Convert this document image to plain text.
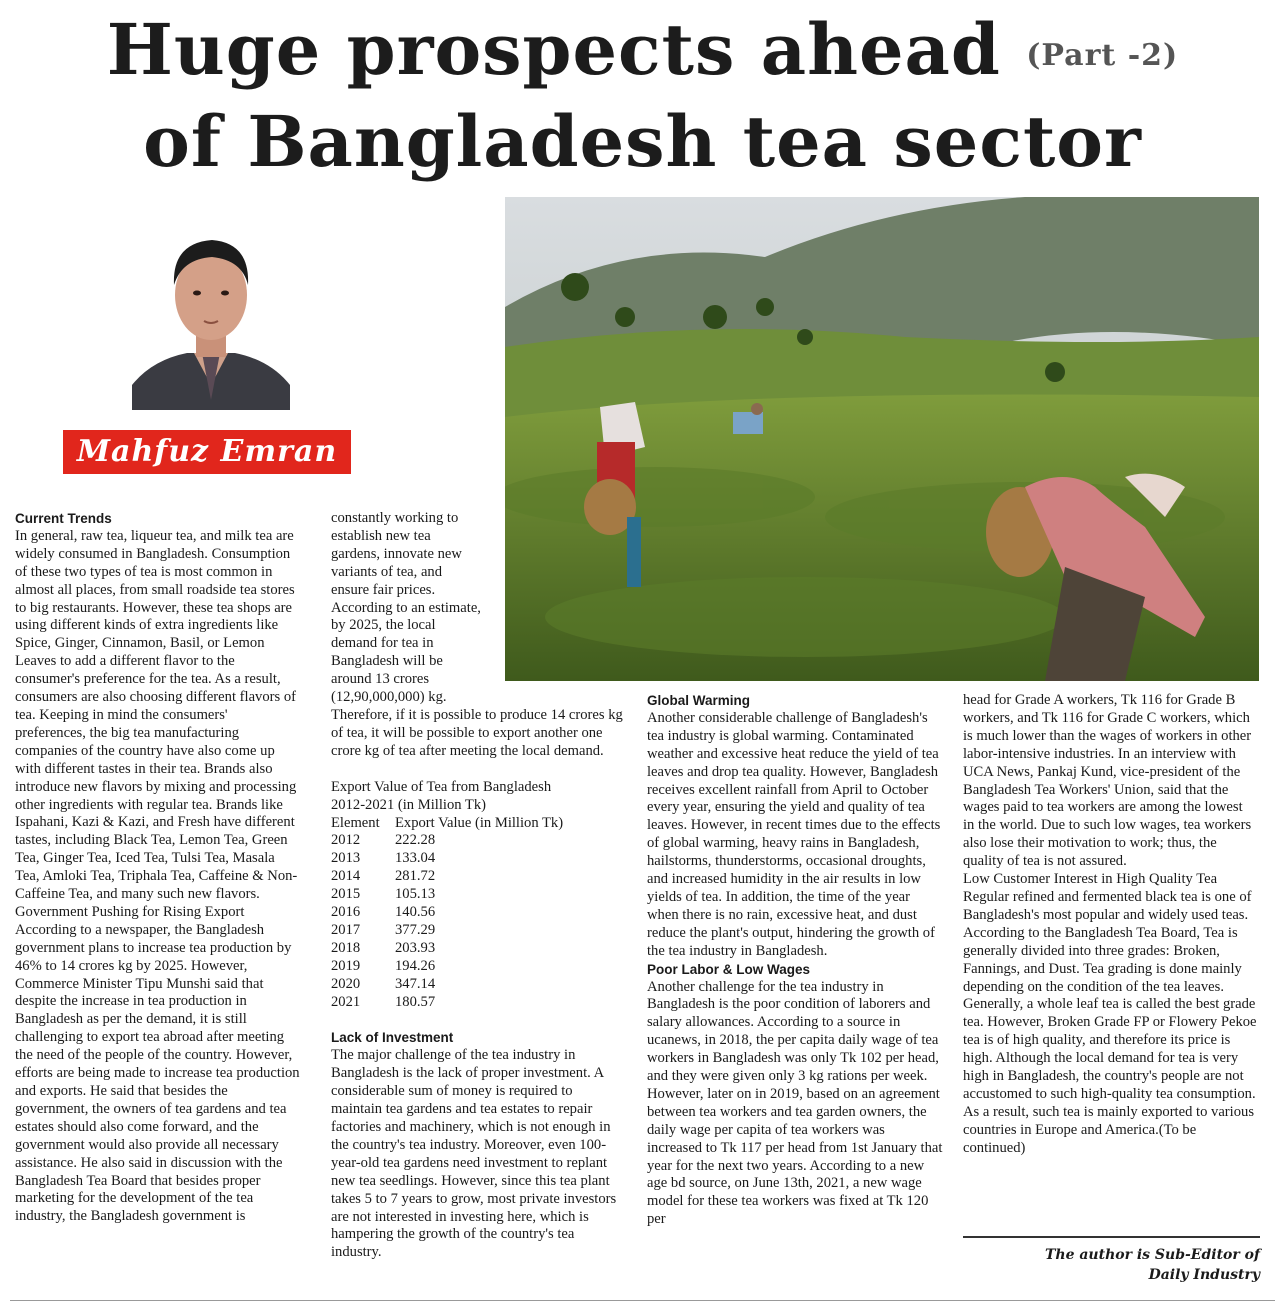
Huge prospects ahead (Part -2)
of Bangladesh tea sector
Mahfuz Emran

Current Trends

In general, raw tea, liqueur tea, and milk tea are widely consumed in Bangladesh. Consumption of these two types of tea is most common in almost all places, from small roadside tea stores to big restaurants. However, these tea shops are using different kinds of extra ingredients like Spice, Ginger, Cinnamon, Basil, or Lemon Leaves to add a different flavor to the consumer's preference for the tea. As a result, consumers are also choosing different flavors of tea. Keeping in mind the consumers' preferences, the big tea manufacturing companies of the country have also come up with different tastes in their tea. Brands also introduce new flavors by mixing and processing other ingredients with regular tea. Brands like Ispahani, Kazi & Kazi, and Fresh have different tastes, including Black Tea, Lemon Tea, Green Tea, Ginger Tea, Iced Tea, Tulsi Tea, Masala Tea, Amloki Tea, Triphala Tea, Caffeine & Non-Caffeine Tea, and many such new flavors.

Government Pushing for Rising Export

According to a newspaper, the Bangladesh government plans to increase tea production by 46% to 14 crores kg by 2025. However, Commerce Minister Tipu Munshi said that despite the increase in tea production in Bangladesh as per the demand, it is still challenging to export tea abroad after meeting the need of the people of the country. However, efforts are being made to increase tea production and exports. He said that besides the government, the owners of tea gardens and tea estates should also come forward, and the government would also provide all necessary assistance. He also said in discussion with the Bangladesh Tea Board that besides proper marketing for the development of the tea industry, the Bangladesh government is

constantly working to establish new tea gardens, innovate new variants of tea, and ensure fair prices. According to an estimate, by 2025, the local demand for tea in Bangladesh will be around 13 crores (12,90,000,000) kg.

Therefore, if it is possible to produce 14 crores kg of tea, it will be possible to export another one crore kg of tea after meeting the local demand.

Export Value of Tea from Bangladesh

2012-2021 (in Million Tk)

Element	Export Value (in Million Tk)
2012	222.28
2013	133.04
2014	281.72
2015	105.13
2016	140.56
2017	377.29
2018	203.93
2019	194.26
2020	347.14
2021	180.57

Lack of Investment

The major challenge of the tea industry in Bangladesh is the lack of proper investment. A considerable sum of money is required to maintain tea gardens and tea estates to repair factories and machinery, which is not enough in the country's tea industry. Moreover, even 100-year-old tea gardens need investment to replant new tea seedlings. However, since this tea plant takes 5 to 7 years to grow, most private investors are not interested in investing here, which is hampering the growth of the country's tea industry.

Global Warming

Another considerable challenge of Bangladesh's tea industry is global warming. Contaminated weather and excessive heat reduce the yield of tea leaves and drop tea quality. However, Bangladesh receives excellent rainfall from April to October every year, ensuring the yield and quality of tea leaves. However, in recent times due to the effects of global warming, heavy rains in Bangladesh, hailstorms, thunderstorms, occasional droughts, and increased humidity in the air results in low yields of tea. In addition, the time of the year when there is no rain, excessive heat, and dust reduce the plant's output, hindering the growth of the tea industry in Bangladesh.

Poor Labor & Low Wages

Another challenge for the tea industry in Bangladesh is the poor condition of laborers and salary allowances. According to a source in ucanews, in 2018, the per capita daily wage of tea workers in Bangladesh was only Tk 102 per head, and they were given only 3 kg rations per week. However, later on in 2019, based on an agreement between tea workers and tea garden owners, the daily wage per capita of tea workers was increased to Tk 117 per head from 1st January that year for the next two years. According to a new age bd source, on June 13th, 2021, a new wage model for these tea workers was fixed at Tk 120 per

head for Grade A workers, Tk 116 for Grade B workers, and Tk 116 for Grade C workers, which is much lower than the wages of workers in other labor-intensive industries. In an interview with UCA News, Pankaj Kund, vice-president of the Bangladesh Tea Workers' Union, said that the wages paid to tea workers are among the lowest in the world. Due to such low wages, tea workers also lose their motivation to work; thus, the quality of tea is not assured.

Low Customer Interest in High Quality Tea

Regular refined and fermented black tea is one of Bangladesh's most popular and widely used teas. According to the Bangladesh Tea Board, Tea is generally divided into three grades: Broken, Fannings, and Dust. Tea grading is done mainly depending on the condition of the tea leaves. Generally, a whole leaf tea is called the best grade tea. However, Broken Grade FP or Flowery Pekoe tea is of high quality, and therefore its price is high. Although the local demand for tea is very high in Bangladesh, the country's people are not accustomed to such high-quality tea consumption. As a result, such tea is mainly exported to various countries in Europe and America.(To be continued)

The author is Sub-Editor of
Daily Industry
